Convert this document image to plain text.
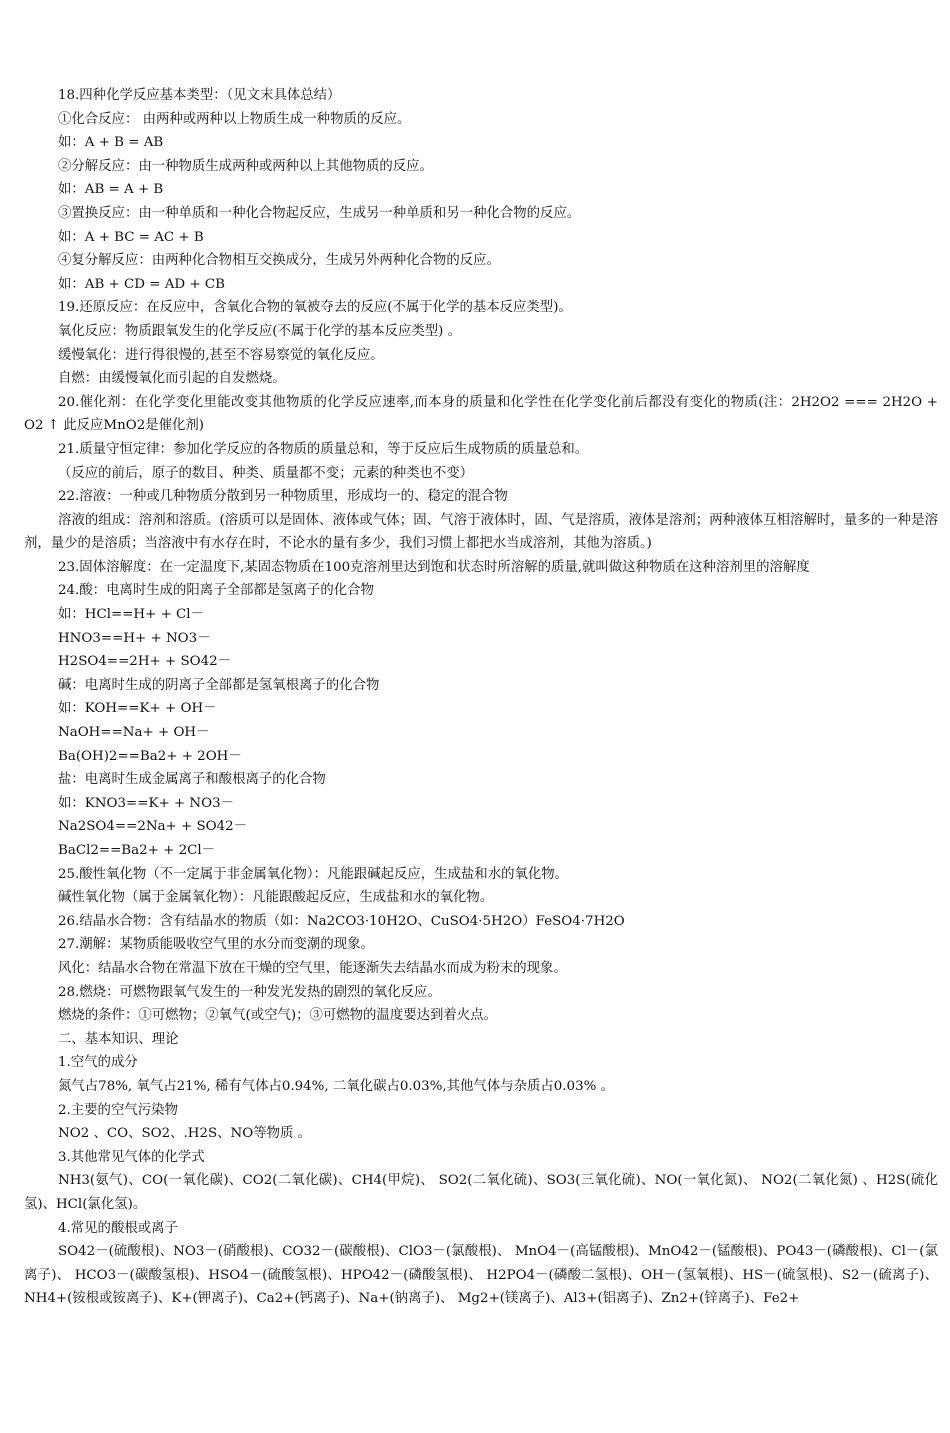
18.四种化学反应基本类型：（见文末具体总结）

①化合反应： 由两种或两种以上物质生成一种物质的反应。

如：A + B = AB

②分解反应：由一种物质生成两种或两种以上其他物质的反应。

如：AB = A + B

③置换反应：由一种单质和一种化合物起反应，生成另一种单质和另一种化合物的反应。

如：A + BC = AC + B

④复分解反应：由两种化合物相互交换成分，生成另外两种化合物的反应。

如：AB + CD = AD + CB

19.还原反应：在反应中，含氧化合物的氧被夺去的反应(不属于化学的基本反应类型)。

氧化反应：物质跟氧发生的化学反应(不属于化学的基本反应类型) 。

缓慢氧化：进行得很慢的,甚至不容易察觉的氧化反应。

自燃：由缓慢氧化而引起的自发燃烧。

20.催化剂：在化学变化里能改变其他物质的化学反应速率,而本身的质量和化学性在化学变化前后都没有变化的物质(注：2H2O2 === 2H2O + O2 ↑ 此反应MnO2是催化剂)

21.质量守恒定律：参加化学反应的各物质的质量总和，等于反应后生成物质的质量总和。

（反应的前后，原子的数目、种类、质量都不变；元素的种类也不变）

22.溶液：一种或几种物质分散到另一种物质里，形成均一的、稳定的混合物

溶液的组成：溶剂和溶质。(溶质可以是固体、液体或气体；固、气溶于液体时，固、气是溶质，液体是溶剂；两种液体互相溶解时，量多的一种是溶剂，量少的是溶质；当溶液中有水存在时，不论水的量有多少，我们习惯上都把水当成溶剂，其他为溶质。)

23.固体溶解度：在一定温度下,某固态物质在100克溶剂里达到饱和状态时所溶解的质量,就叫做这种物质在这种溶剂里的溶解度

24.酸：电离时生成的阳离子全部都是氢离子的化合物

如：HCl==H+ + Cl－

HNO3==H+ + NO3－

H2SO4==2H+ + SO42－

碱：电离时生成的阴离子全部都是氢氧根离子的化合物

如：KOH==K+ + OH－

NaOH==Na+ + OH－

Ba(OH)2==Ba2+ + 2OH－

盐：电离时生成金属离子和酸根离子的化合物

如：KNO3==K+ + NO3－

Na2SO4==2Na+ + SO42－

BaCl2==Ba2+ + 2Cl－

25.酸性氧化物（不一定属于非金属氧化物）：凡能跟碱起反应，生成盐和水的氧化物。

碱性氧化物（属于金属氧化物）：凡能跟酸起反应，生成盐和水的氧化物。

26.结晶水合物：含有结晶水的物质（如：Na2CO3·10H2O、CuSO4·5H2O）FeSO4·7H2O

27.潮解：某物质能吸收空气里的水分而变潮的现象。

风化：结晶水合物在常温下放在干燥的空气里，能逐渐失去结晶水而成为粉末的现象。

28.燃烧：可燃物跟氧气发生的一种发光发热的剧烈的氧化反应。

燃烧的条件：①可燃物；②氧气(或空气)；③可燃物的温度要达到着火点。

二、基本知识、理论

1.空气的成分

氮气占78%, 氧气占21%, 稀有气体占0.94%, 二氧化碳占0.03%,其他气体与杂质占0.03% 。

2.主要的空气污染物

NO2 、CO、SO2、.H2S、NO等物质 。

3.其他常见气体的化学式

NH3(氨气)、CO(一氧化碳)、CO2(二氧化碳)、CH4(甲烷)、 SO2(二氧化硫)、SO3(三氧化硫)、NO(一氧化氮)、 NO2(二氧化氮) 、H2S(硫化氢)、HCl(氯化氢)。

4.常见的酸根或离子

SO42－(硫酸根)、NO3－(硝酸根)、CO32－(碳酸根)、ClO3－(氯酸根)、 MnO4－(高锰酸根)、MnO42－(锰酸根)、PO43－(磷酸根)、Cl－(氯离子)、 HCO3－(碳酸氢根)、HSO4－(硫酸氢根)、HPO42－(磷酸氢根)、 H2PO4－(磷酸二氢根)、OH－(氢氧根)、HS－(硫氢根)、S2－(硫离子)、 NH4+(铵根或铵离子)、K+(钾离子)、Ca2+(钙离子)、Na+(钠离子)、 Mg2+(镁离子)、Al3+(铝离子)、Zn2+(锌离子)、Fe2+
